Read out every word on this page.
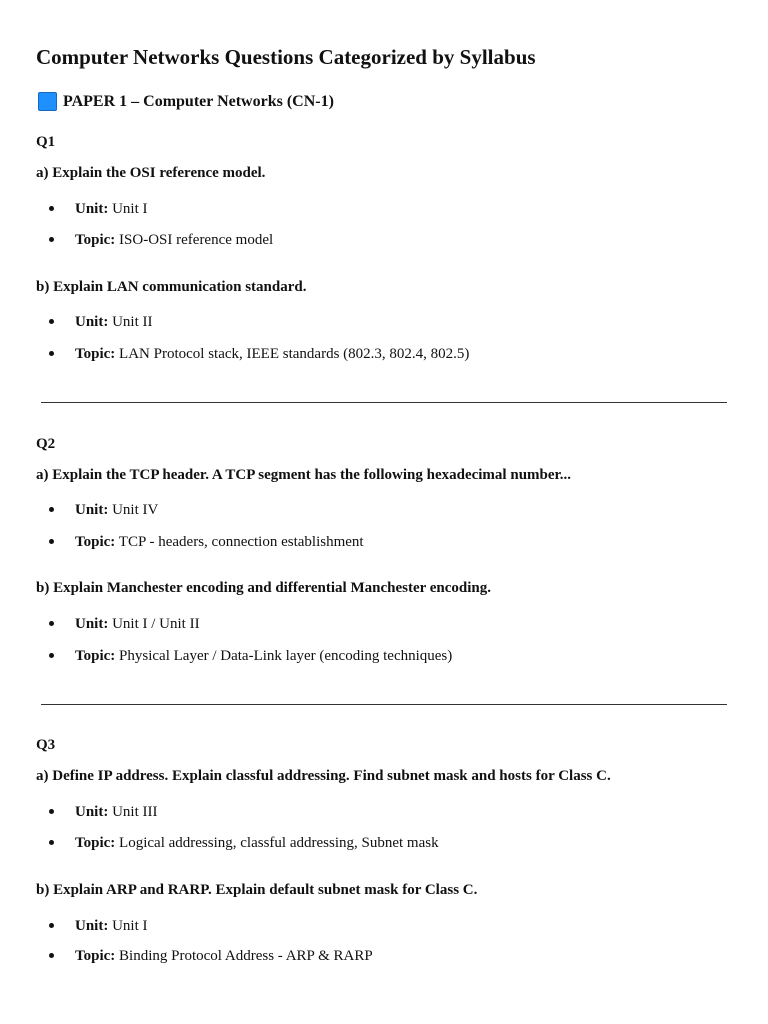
Computer Networks Questions Categorized by Syllabus
PAPER 1 – Computer Networks (CN-1)
Q1
a) Explain the OSI reference model.
Unit: Unit I
Topic: ISO-OSI reference model
b) Explain LAN communication standard.
Unit: Unit II
Topic: LAN Protocol stack, IEEE standards (802.3, 802.4, 802.5)
Q2
a) Explain the TCP header. A TCP segment has the following hexadecimal number...
Unit: Unit IV
Topic: TCP - headers, connection establishment
b) Explain Manchester encoding and differential Manchester encoding.
Unit: Unit I / Unit II
Topic: Physical Layer / Data-Link layer (encoding techniques)
Q3
a) Define IP address. Explain classful addressing. Find subnet mask and hosts for Class C.
Unit: Unit III
Topic: Logical addressing, classful addressing, Subnet mask
b) Explain ARP and RARP. Explain default subnet mask for Class C.
Unit: Unit I
Topic: Binding Protocol Address - ARP & RARP
